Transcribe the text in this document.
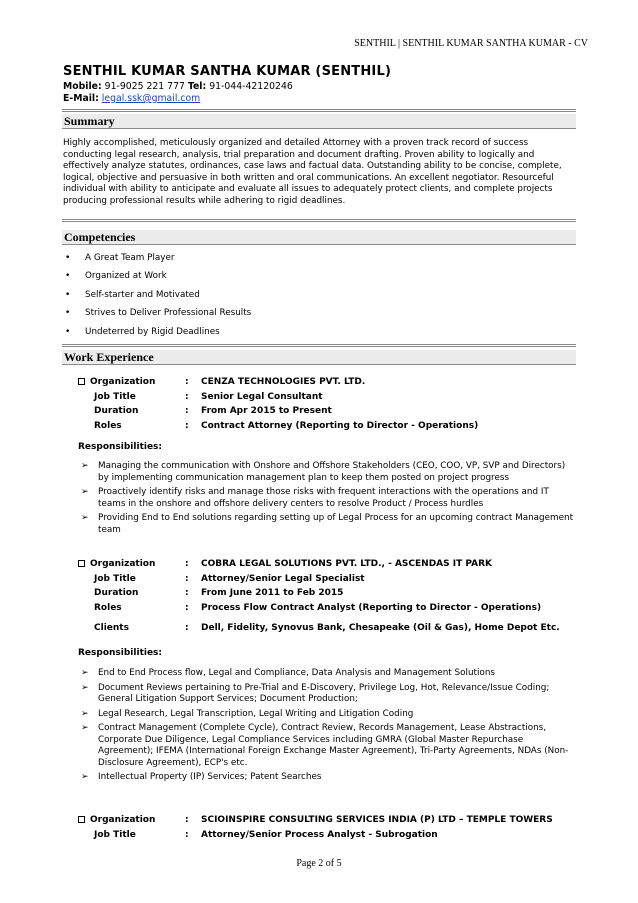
SENTHIL | SENTHIL KUMAR SANTHA KUMAR - CV
SENTHIL KUMAR SANTHA KUMAR (SENTHIL)
Mobile: 91-9025 221 777 Tel: 91-044-42120246
E-Mail: legal.ssk@gmail.com
Summary
Highly accomplished, meticulously organized and detailed Attorney with a proven track record of success conducting legal research, analysis, trial preparation and document drafting. Proven ability to logically and effectively analyze statutes, ordinances, case laws and factual data. Outstanding ability to be concise, complete, logical, objective and persuasive in both written and oral communications. An excellent negotiator. Resourceful individual with ability to anticipate and evaluate all issues to adequately protect clients, and complete projects producing professional results while adhering to rigid deadlines.
Competencies
• A Great Team Player
• Organized at Work
• Self-starter and Motivated
• Strives to Deliver Professional Results
• Undeterred by Rigid Deadlines
Work Experience
Organization	: CENZA TECHNOLOGIES PVT. LTD.
Job Title	: Senior Legal Consultant
Duration	: From Apr 2015 to Present
Roles	: Contract Attorney (Reporting to Director - Operations)
Responsibilities:
➢ Managing the communication with Onshore and Offshore Stakeholders (CEO, COO, VP, SVP and Directors) by implementing communication management plan to keep them posted on project progress
➢ Proactively identify risks and manage those risks with frequent interactions with the operations and IT teams in the onshore and offshore delivery centers to resolve Product / Process hurdles
➢ Providing End to End solutions regarding setting up of Legal Process for an upcoming contract Management team
Organization	: COBRA LEGAL SOLUTIONS PVT. LTD., - ASCENDAS IT PARK
Job Title	: Attorney/Senior Legal Specialist
Duration	: From June 2011 to Feb 2015
Roles	: Process Flow Contract Analyst (Reporting to Director - Operations)
Clients	: Dell, Fidelity, Synovus Bank, Chesapeake (Oil & Gas), Home Depot Etc.
Responsibilities:
➢ End to End Process flow, Legal and Compliance, Data Analysis and Management Solutions
➢ Document Reviews pertaining to Pre-Trial and E-Discovery, Privilege Log, Hot, Relevance/Issue Coding; General Litigation Support Services; Document Production;
➢ Legal Research, Legal Transcription, Legal Writing and Litigation Coding
➢ Contract Management (Complete Cycle), Contract Review, Records Management, Lease Abstractions, Corporate Due Diligence, Legal Compliance Services including GMRA (Global Master Repurchase Agreement); IFEMA (International Foreign Exchange Master Agreement), Tri-Party Agreements, NDAs (Non-Disclosure Agreement), ECP's etc.
➢ Intellectual Property (IP) Services; Patent Searches
Organization	: SCIOINSPIRE CONSULTING SERVICES INDIA (P) LTD – TEMPLE TOWERS
Job Title	: Attorney/Senior Process Analyst - Subrogation
Page 2 of 5
